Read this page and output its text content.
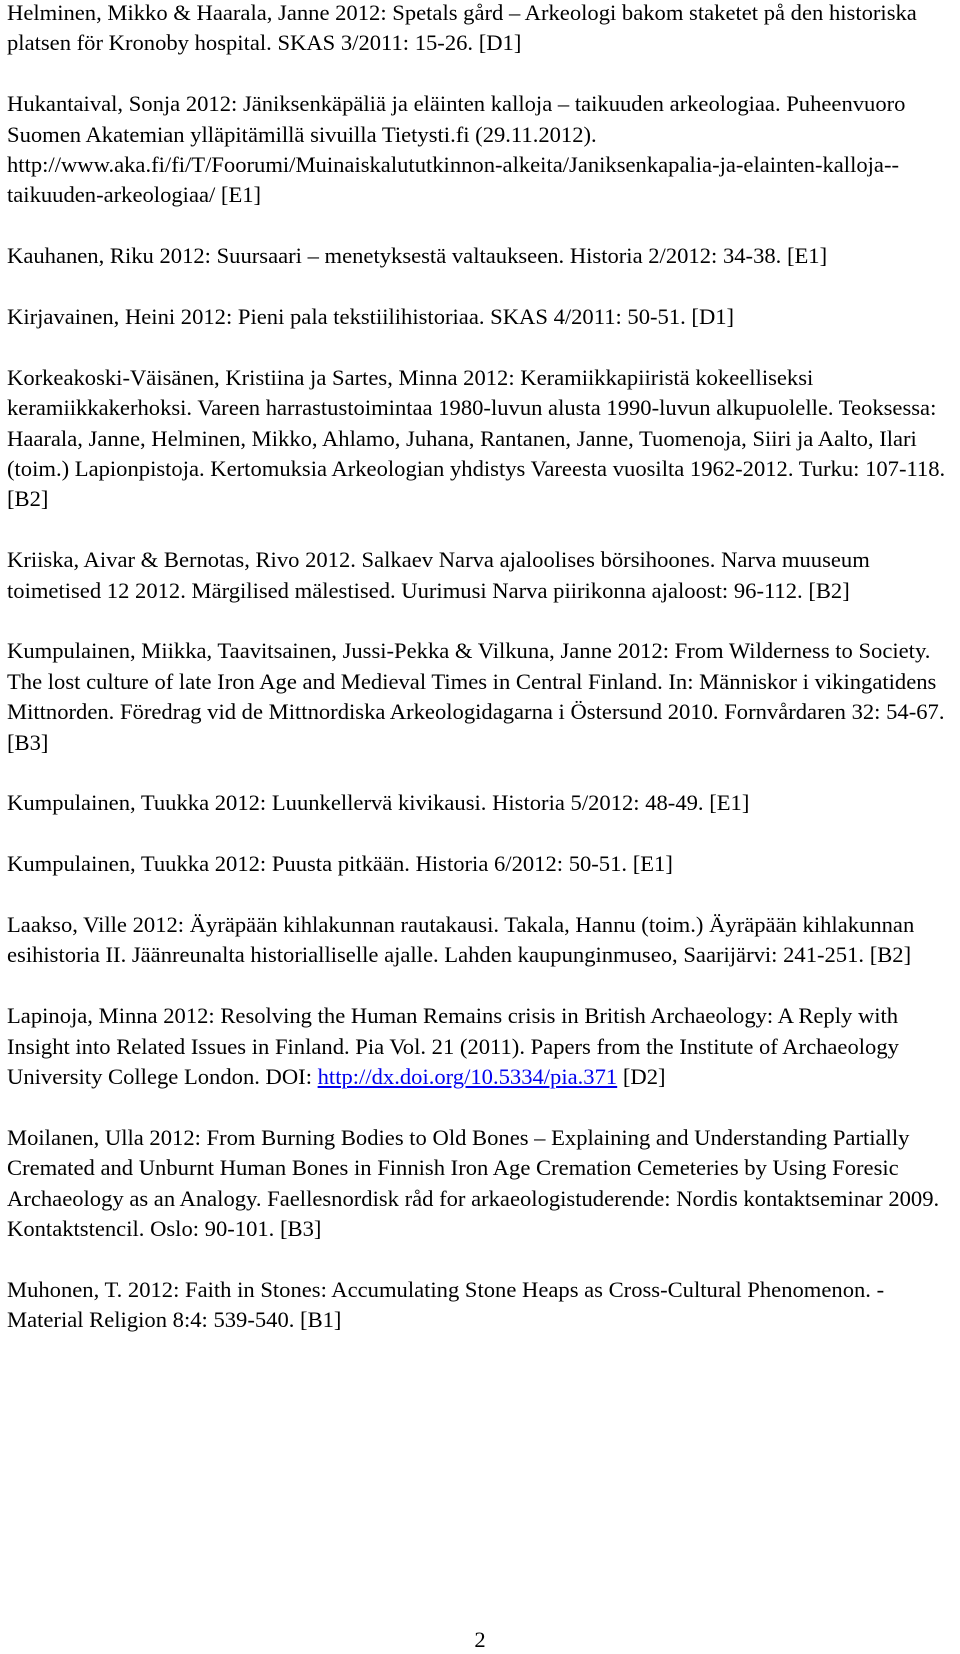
Helminen, Mikko & Haarala, Janne 2012: Spetals gård – Arkeologi bakom staketet på den historiska platsen för Kronoby hospital. SKAS 3/2011: 15-26. [D1]

Hukantaival, Sonja 2012: Jäniksenkäpäliä ja eläinten kalloja – taikuuden arkeologiaa. Puheenvuoro Suomen Akatemian ylläpitämillä sivuilla Tietysti.fi (29.11.2012). http://www.aka.fi/fi/T/Foorumi/Muinaiskalututkinnon-alkeita/Janiksenkapalia-ja-elainten-kalloja--taikuuden-arkeologiaa/ [E1]

Kauhanen, Riku 2012: Suursaari – menetyksestä valtaukseen. Historia 2/2012: 34-38. [E1]

Kirjavainen, Heini 2012: Pieni pala tekstiilihistoriaa. SKAS 4/2011: 50-51. [D1]

Korkeakoski-Väisänen, Kristiina ja Sartes, Minna 2012: Keramiikkapiiristä kokeelliseksi keramiikkakerhoksi. Vareen harrastustoimintaa 1980-luvun alusta 1990-luvun alkupuolelle. Teoksessa: Haarala, Janne, Helminen, Mikko, Ahlamo, Juhana, Rantanen, Janne, Tuomenoja, Siiri ja Aalto, Ilari (toim.) Lapionpistoja. Kertomuksia Arkeologian yhdistys Vareesta vuosilta 1962-2012. Turku: 107-118. [B2]

Kriiska, Aivar & Bernotas, Rivo 2012. Salkaev Narva ajaloolises börsihoones. Narva muuseum toimetised 12 2012. Märgilised mälestised. Uurimusi Narva piirikonna ajaloost: 96-112. [B2]

Kumpulainen, Miikka, Taavitsainen, Jussi-Pekka & Vilkuna, Janne 2012: From Wilderness to Society. The lost culture of late Iron Age and Medieval Times in Central Finland. In: Människor i vikingatidens Mittnorden. Föredrag vid de Mittnordiska Arkeologidagarna i Östersund 2010. Fornvårdaren 32: 54-67. [B3]

Kumpulainen, Tuukka 2012: Luunkellervä kivikausi. Historia 5/2012: 48-49. [E1]

Kumpulainen, Tuukka 2012: Puusta pitkään. Historia 6/2012: 50-51. [E1]

Laakso, Ville 2012: Äyräpään kihlakunnan rautakausi. Takala, Hannu (toim.) Äyräpään kihlakunnan esihistoria II. Jäänreunalta historialliselle ajalle. Lahden kaupunginmuseo, Saarijärvi: 241-251. [B2]

Lapinoja, Minna 2012: Resolving the Human Remains crisis in British Archaeology: A Reply with Insight into Related Issues in Finland. Pia Vol. 21 (2011). Papers from the Institute of Archaeology University College London. DOI: http://dx.doi.org/10.5334/pia.371 [D2]

Moilanen, Ulla 2012: From Burning Bodies to Old Bones – Explaining and Understanding Partially Cremated and Unburnt Human Bones in Finnish Iron Age Cremation Cemeteries by Using Foresic Archaeology as an Analogy. Faellesnordisk råd for arkaeologistuderende: Nordis kontaktseminar 2009. Kontaktstencil. Oslo: 90-101. [B3]

Muhonen, T. 2012: Faith in Stones: Accumulating Stone Heaps as Cross-Cultural Phenomenon. - Material Religion 8:4: 539-540. [B1]

2
